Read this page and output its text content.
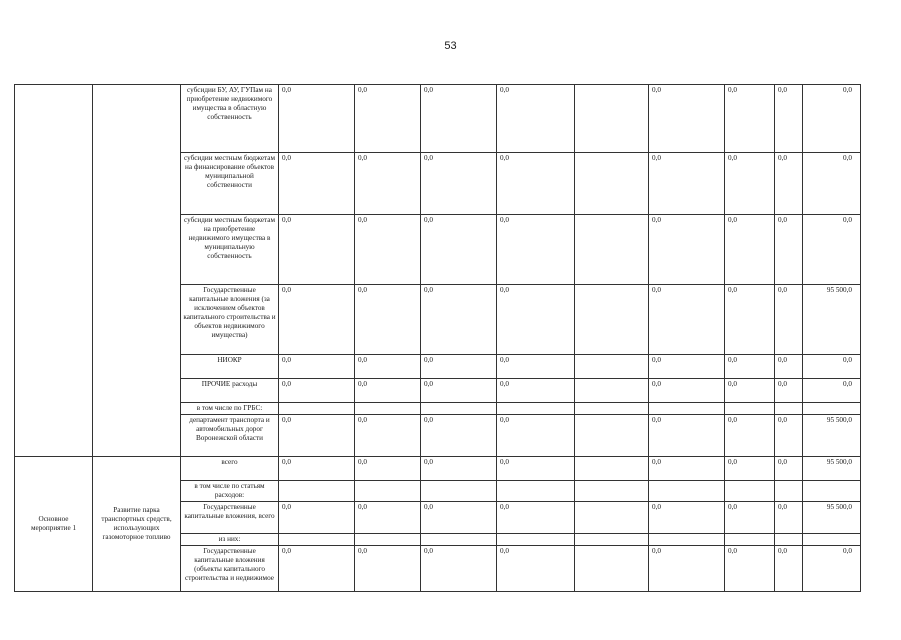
53
		субсидии БУ, АУ, ГУПам на приобретение недвижимого имущества в областную собственность	0,0	0,0	0,0	0,0		0,0	0,0	0,0	0,0
		субсидии местным бюджетам на финансирование объектов муниципальной собственности	0,0	0,0	0,0	0,0		0,0	0,0	0,0	0,0
		субсидии местным бюджетам на приобретение недвижимого имущества в муниципальную собственность	0,0	0,0	0,0	0,0		0,0	0,0	0,0	0,0
		Государственные капитальные вложения (за исключением объектов капитального строительства и объектов недвижимого имущества)	0,0	0,0	0,0	0,0		0,0	0,0	0,0	95 500,0
		НИОКР	0,0	0,0	0,0	0,0		0,0	0,0	0,0	0,0
		ПРОЧИЕ расходы	0,0	0,0	0,0	0,0		0,0	0,0	0,0	0,0
		в том числе по ГРБС:									
		департамент транспорта и автомобильных дорог Воронежской области	0,0	0,0	0,0	0,0		0,0	0,0	0,0	95 500,0
Основное мероприятие 1	Развитие парка транспортных средств, использующих газомоторное топливо	всего	0,0	0,0	0,0	0,0		0,0	0,0	0,0	95 500,0
		в том числе по статьям расходов:									
		Государственные капитальные вложения, всего	0,0	0,0	0,0	0,0		0,0	0,0	0,0	95 500,0
		из них:									
		Государственные капитальные вложения (объекты капитального строительства и недвижимое	0,0	0,0	0,0	0,0		0,0	0,0	0,0	0,0
